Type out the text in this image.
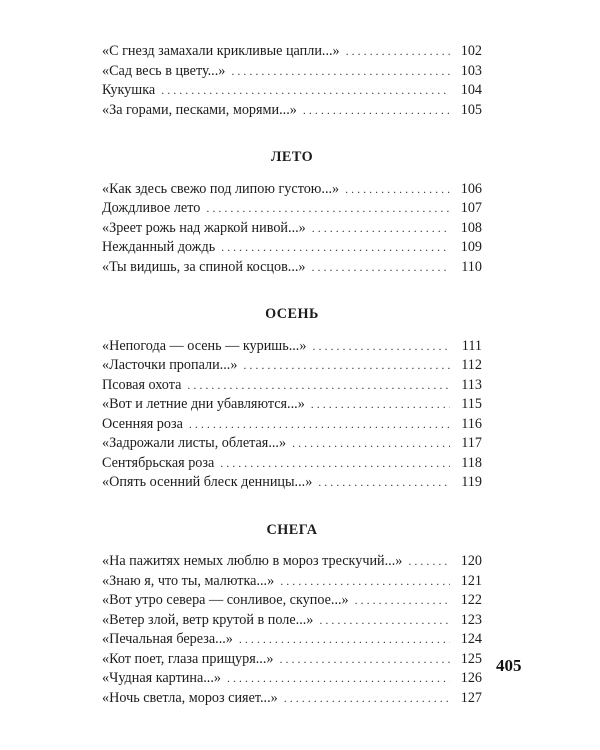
«С гнезд замахали крикливые цапли...» . . .	102
«Сад весь в цвету...» . . .	103
Кукушка . . .	104
«За горами, песками, морями...» . . .	105
ЛЕТО
«Как здесь свежо под липою густою...» . . .	106
Дождливое лето . . .	107
«Зреет рожь над жаркой нивой...» . . .	108
Нежданный дождь . . .	109
«Ты видишь, за спиной косцов...» . . .	110
ОСЕНЬ
«Непогода — осень — куришь...» . . .	111
«Ласточки пропали...» . . .	112
Псовая охота . . .	113
«Вот и летние дни убавляются...» . . .	115
Осенняя роза . . .	116
«Задрожали листы, облетая...» . . .	117
Сентябрьская роза . . .	118
«Опять осенний блеск денницы...» . . .	119
СНЕГА
«На пажитях немых люблю в мороз трескучий...» . . .	120
«Знаю я, что ты, малютка...» . . .	121
«Вот утро севера — сонливое, скупое...» . . .	122
«Ветер злой, ветр крутой в поле...» . . .	123
«Печальная береза...» . . .	124
«Кот поет, глаза прищуря...» . . .	125
«Чудная картина...» . . .	126
«Ночь светла, мороз сияет...» . . .	127
405
